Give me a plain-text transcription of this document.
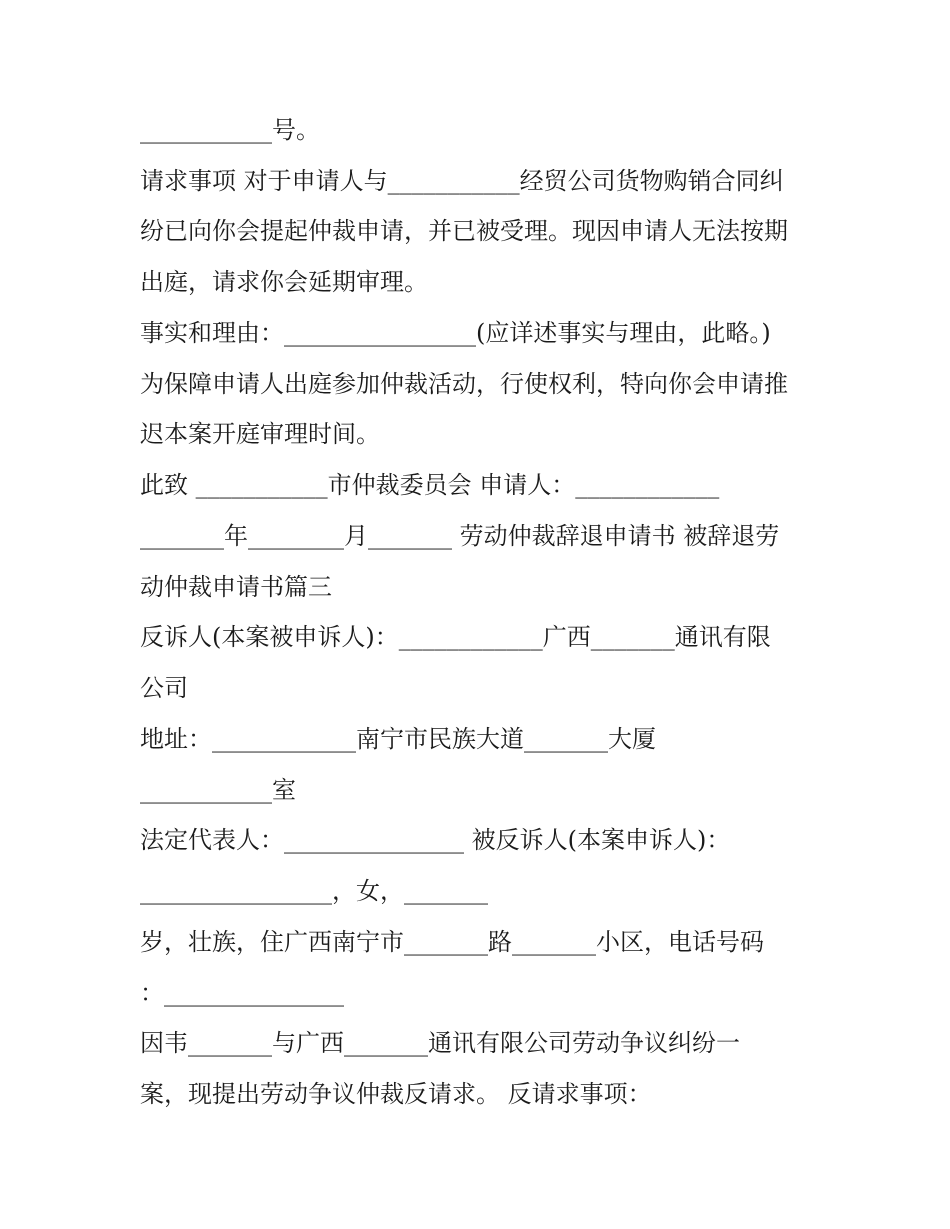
___________号。
请求事项 对于申请人与___________经贸公司货物购销合同纠
纷已向你会提起仲裁申请，并已被受理。现因申请人无法按期
出庭，请求你会延期审理。
事实和理由：________________(应详述事实与理由，此略。)
为保障申请人出庭参加仲裁活动，行使权利，特向你会申请推
迟本案开庭审理时间。
此致 ___________市仲裁委员会 申请人：____________
_______年________月_______ 劳动仲裁辞退申请书 被辞退劳
动仲裁申请书篇三
反诉人(本案被申诉人)：____________广西_______通讯有限
公司
地址：____________南宁市民族大道_______大厦
___________室
法定代表人：_______________ 被反诉人(本案申诉人)：
________________，女，_______
岁，壮族，住广西南宁市_______路_______小区，电话号码
：_______________
因韦_______与广西_______通讯有限公司劳动争议纠纷一
案，现提出劳动争议仲裁反请求。 反请求事项：
